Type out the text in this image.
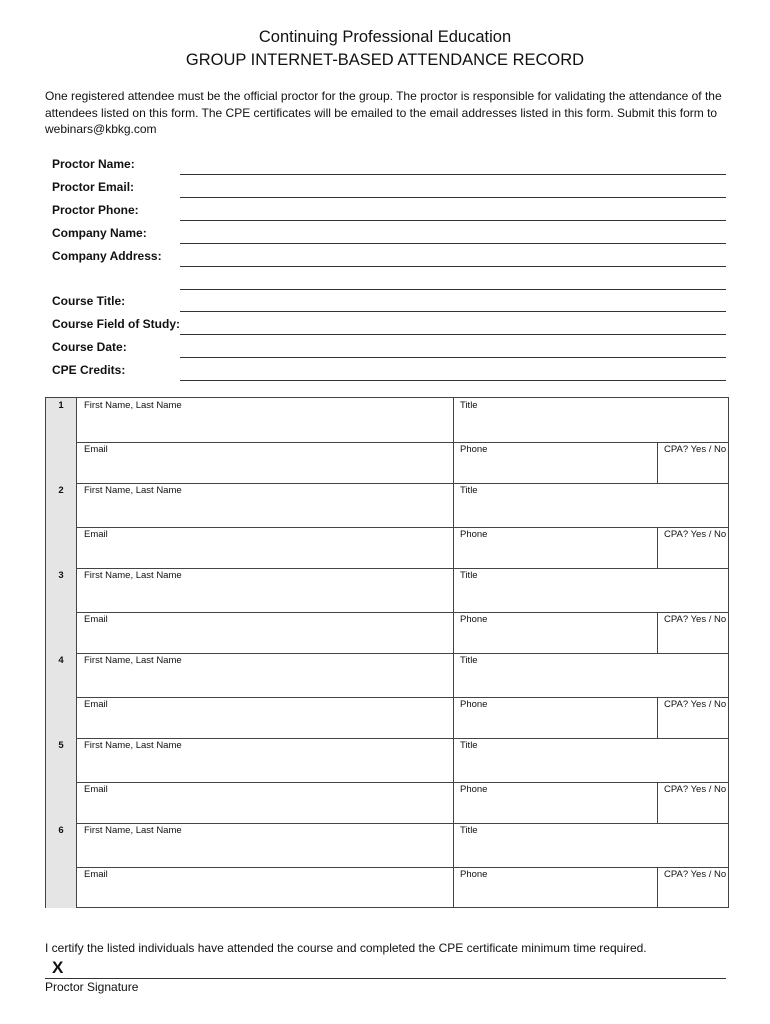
Continuing Professional Education
GROUP INTERNET-BASED ATTENDANCE RECORD
One registered attendee must be the official proctor for the group. The proctor is responsible for validating the attendance of the attendees listed on this form. The CPE certificates will be emailed to the email addresses listed in this form. Submit this form to webinars@kbkg.com
Proctor Name:
Proctor Email:
Proctor Phone:
Company Name:
Company Address:
Course Title:
Course Field of Study:
Course Date:
CPE Credits:
1	First Name, Last Name	Title
Email	Phone	CPA? Yes / No
2	First Name, Last Name	Title
Email	Phone	CPA? Yes / No
3	First Name, Last Name	Title
Email	Phone	CPA? Yes / No
4	First Name, Last Name	Title
Email	Phone	CPA? Yes / No
5	First Name, Last Name	Title
Email	Phone	CPA? Yes / No
6	First Name, Last Name	Title
Email	Phone	CPA? Yes / No
I certify the listed individuals have attended the course and completed the CPE certificate minimum time required.
X
Proctor Signature
